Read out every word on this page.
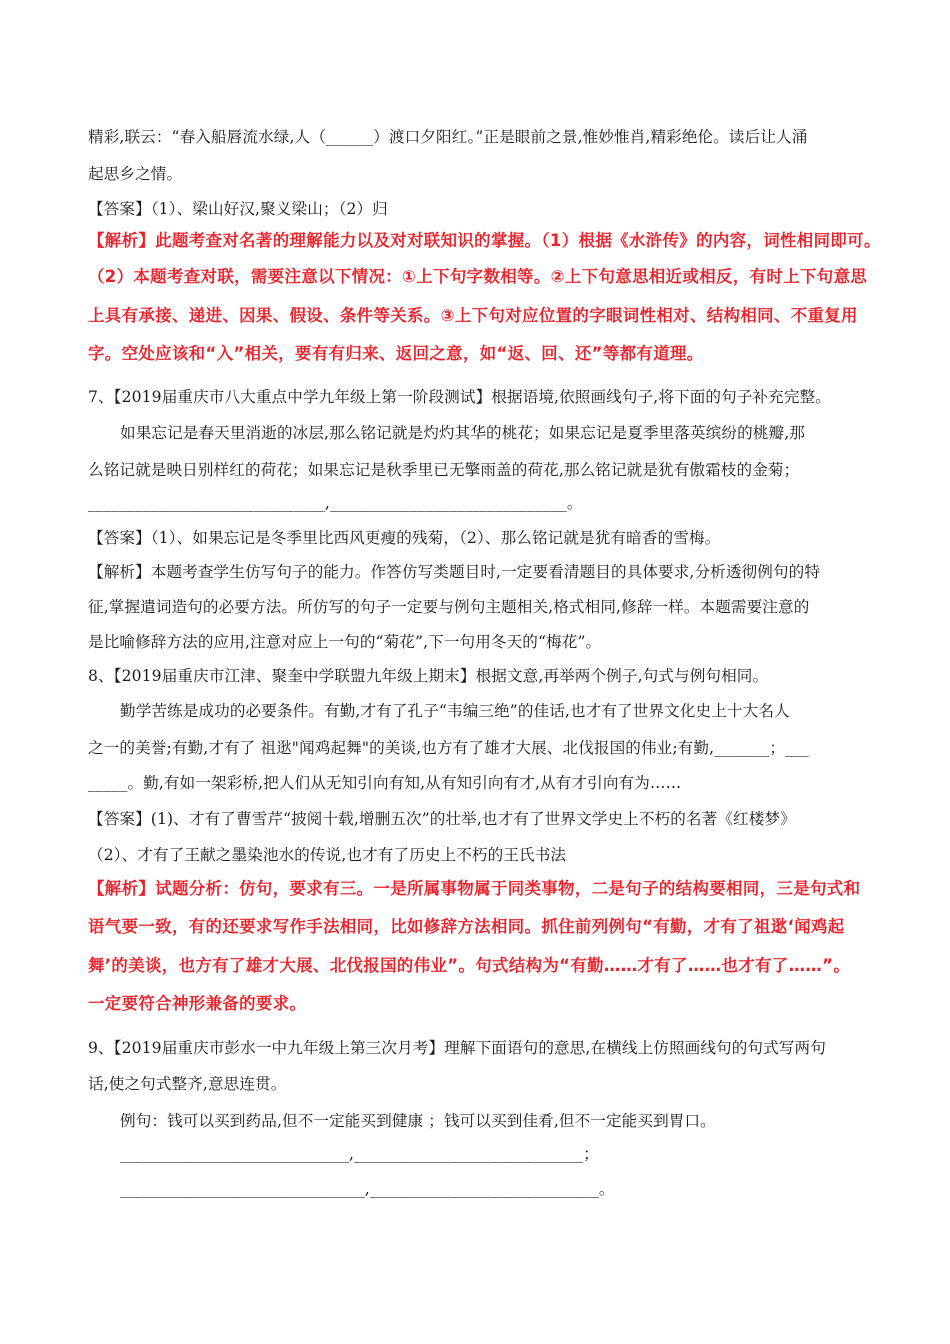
精彩,联云：“春入船唇流水绿,人（______）渡口夕阳红。”正是眼前之景,惟妙惟肖,精彩绝伦。读后让人涌
起思乡之情。
【答案】（1）、梁山好汉,聚义梁山；（2）归
【解析】此题考查对名著的理解能力以及对对联知识的掌握。（1）根据《水浒传》的内容，词性相同即可。
（2）本题考查对联，需要注意以下情况：①上下句字数相等。②上下句意思相近或相反，有时上下句意思
上具有承接、递进、因果、假设、条件等关系。③上下句对应位置的字眼词性相对、结构相同、不重复用
字。空处应该和“入”相关，要有有归来、返回之意，如“返、回、还”等都有道理。
7、【2019届重庆市八大重点中学九年级上第一阶段测试】根据语境,依照画线句子,将下面的句子补充完整。
如果忘记是春天里消逝的冰层,那么铭记就是灼灼其华的桃花；如果忘记是夏季里落英缤纷的桃瓣,那
么铭记就是映日别样红的荷花；如果忘记是秋季里已无擎雨盖的荷花,那么铭记就是犹有傲霜枝的金菊；
______________________________,______________________________。
【答案】（1）、如果忘记是冬季里比西风更瘦的残菊，（2）、那么铭记就是犹有暗香的雪梅。
【解析】本题考查学生仿写句子的能力。作答仿写类题目时,一定要看清题目的具体要求,分析透彻例句的特
征,掌握遣词造句的必要方法。所仿写的句子一定要与例句主题相关,格式相同,修辞一样。本题需要注意的
是比喻修辞方法的应用,注意对应上一句的“菊花”,下一句用冬天的“梅花”。
8、【2019届重庆市江津、聚奎中学联盟九年级上期末】根据文意,再举两个例子,句式与例句相同。
勤学苦练是成功的必要条件。有勤,才有了孔子“韦编三绝”的佳话,也才有了世界文化史上十大名人
之一的美誉;有勤,才有了 祖逖"闻鸡起舞"的美谈,也方有了雄才大展、北伐报国的伟业;有勤,_______；___
_____。勤,有如一架彩桥,把人们从无知引向有知,从有知引向有才,从有才引向有为……
【答案】(1)、才有了曹雪芹“披阅十载,增删五次”的壮举,也才有了世界文学史上不朽的名著《红楼梦》
（2）、才有了王献之墨染池水的传说,也才有了历史上不朽的王氏书法
【解析】试题分析：仿句，要求有三。一是所属事物属于同类事物，二是句子的结构要相同，三是句式和
语气要一致，有的还要求写作手法相同，比如修辞方法相同。抓住前列例句“有勤，才有了祖逖‘闻鸡起
舞’的美谈，也方有了雄才大展、北伐报国的伟业”。句式结构为“有勤……才有了……也才有了……”。
一定要符合神形兼备的要求。
9、【2019届重庆市彭水一中九年级上第三次月考】理解下面语句的意思,在横线上仿照画线句的句式写两句
话,使之句式整齐,意思连贯。
例句：钱可以买到药品,但不一定能买到健康 ；钱可以买到佳肴,但不一定能买到胃口。
_____________________________,_____________________________；
_______________________________,_____________________________。
